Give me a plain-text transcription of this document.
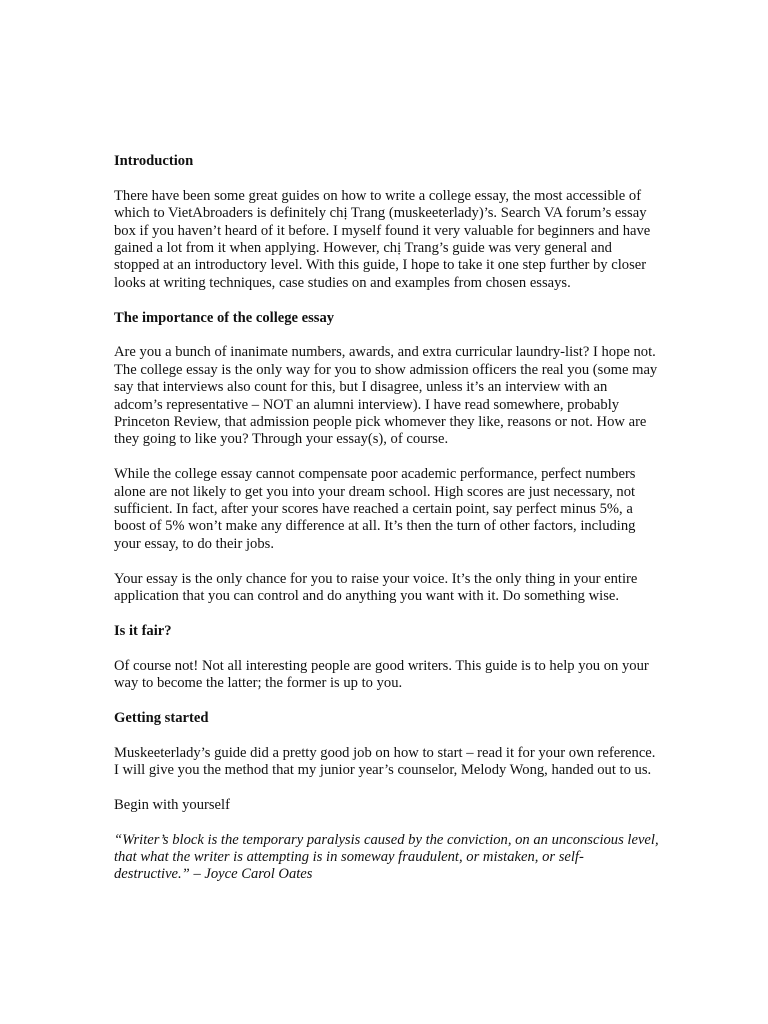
Introduction

There have been some great guides on how to write a college essay, the most accessible of which to VietAbroaders is definitely chị Trang (muskeeterlady)’s. Search VA forum’s essay box if you haven’t heard of it before. I myself found it very valuable for beginners and have gained a lot from it when applying. However, chị Trang’s guide was very general and stopped at an introductory level. With this guide, I hope to take it one step further by closer looks at writing techniques, case studies on and examples from chosen essays.

The importance of the college essay

Are you a bunch of inanimate numbers, awards, and extra curricular laundry-list? I hope not. The college essay is the only way for you to show admission officers the real you (some may say that interviews also count for this, but I disagree, unless it’s an interview with an adcom’s representative – NOT an alumni interview). I have read somewhere, probably Princeton Review, that admission people pick whomever they like, reasons or not. How are they going to like you? Through your essay(s), of course.

While the college essay cannot compensate poor academic performance, perfect numbers alone are not likely to get you into your dream school. High scores are just necessary, not sufficient. In fact, after your scores have reached a certain point, say perfect minus 5%, a boost of 5% won’t make any difference at all. It’s then the turn of other factors, including your essay, to do their jobs.

Your essay is the only chance for you to raise your voice. It’s the only thing in your entire application that you can control and do anything you want with it. Do something wise.

Is it fair?

Of course not! Not all interesting people are good writers. This guide is to help you on your way to become the latter; the former is up to you.

Getting started

Muskeeterlady’s guide did a pretty good job on how to start – read it for your own reference. I will give you the method that my junior year’s counselor, Melody Wong, handed out to us.

Begin with yourself

“Writer’s block is the temporary paralysis caused by the conviction, on an unconscious level, that what the writer is attempting is in someway fraudulent, or mistaken, or self-destructive.” – Joyce Carol Oates
